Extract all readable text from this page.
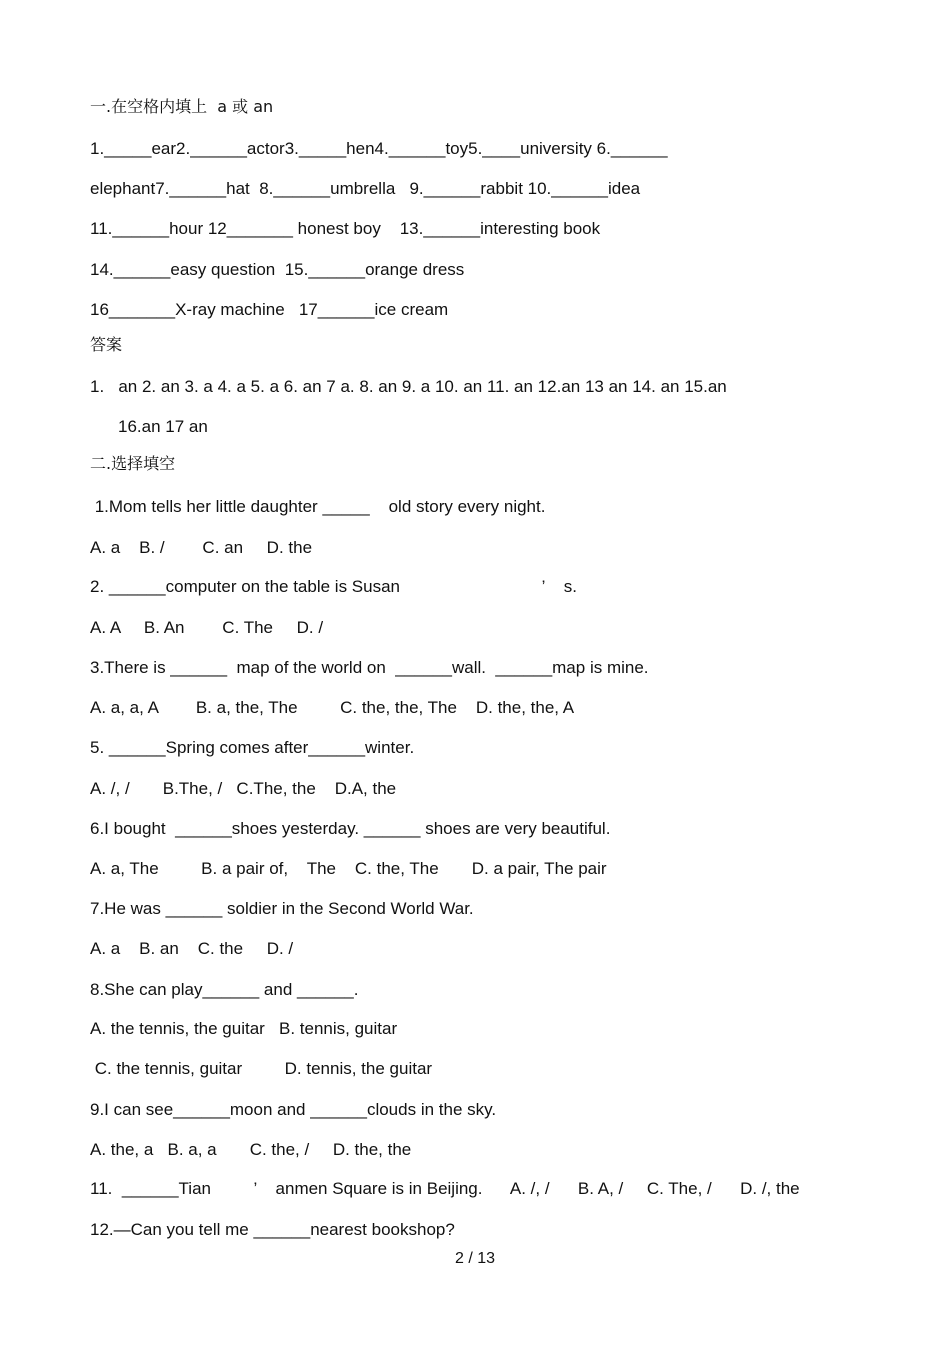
一.在空格内填上  a 或 an
1._____ear2.______actor3._____hen4.______toy5.____university 6.______
elephant7.______hat  8.______umbrella   9.______rabbit 10.______idea
11.______hour 12_______ honest boy    13.______interesting book
14.______easy question  15.______orange dress
16_______X-ray machine   17______ice cream
答案
1.   an 2. an 3. a 4. a 5. a 6. an 7 a. 8. an 9. a 10. an 11. an 12.an 13 an 14. an 15.an
16.an 17 an
二.选择填空
1.Mom tells her little daughter _____    old story every night.
A. a    B. /        C. an     D. the
2. ______computer on the table is Susan                              ’    s.
A. A     B. An        C. The     D. /
3.There is ______  map of the world on  ______wall.  ______map is mine.
A. a, a, A        B. a, the, The         C. the, the, The    D. the, the, A
5. ______Spring comes after______winter.
A. /, /       B.The, /   C.The, the    D.A, the
6.I bought  ______shoes yesterday. ______ shoes are very beautiful.
A. a, The         B. a pair of,    The    C. the, The       D. a pair, The pair
7.He was ______ soldier in the Second World War.
A. a    B. an    C. the     D. /
8.She can play______ and ______.
A. the tennis, the guitar   B. tennis, guitar
C. the tennis, guitar         D. tennis, the guitar
9.I can see______moon and ______clouds in the sky.
A. the, a   B. a, a       C. the, /     D. the, the
11.  ______Tian         ’    anmen Square is in Beijing.      A. /, /      B. A, /     C. The, /      D. /, the
12.—Can you tell me ______nearest bookshop?
2 / 13
